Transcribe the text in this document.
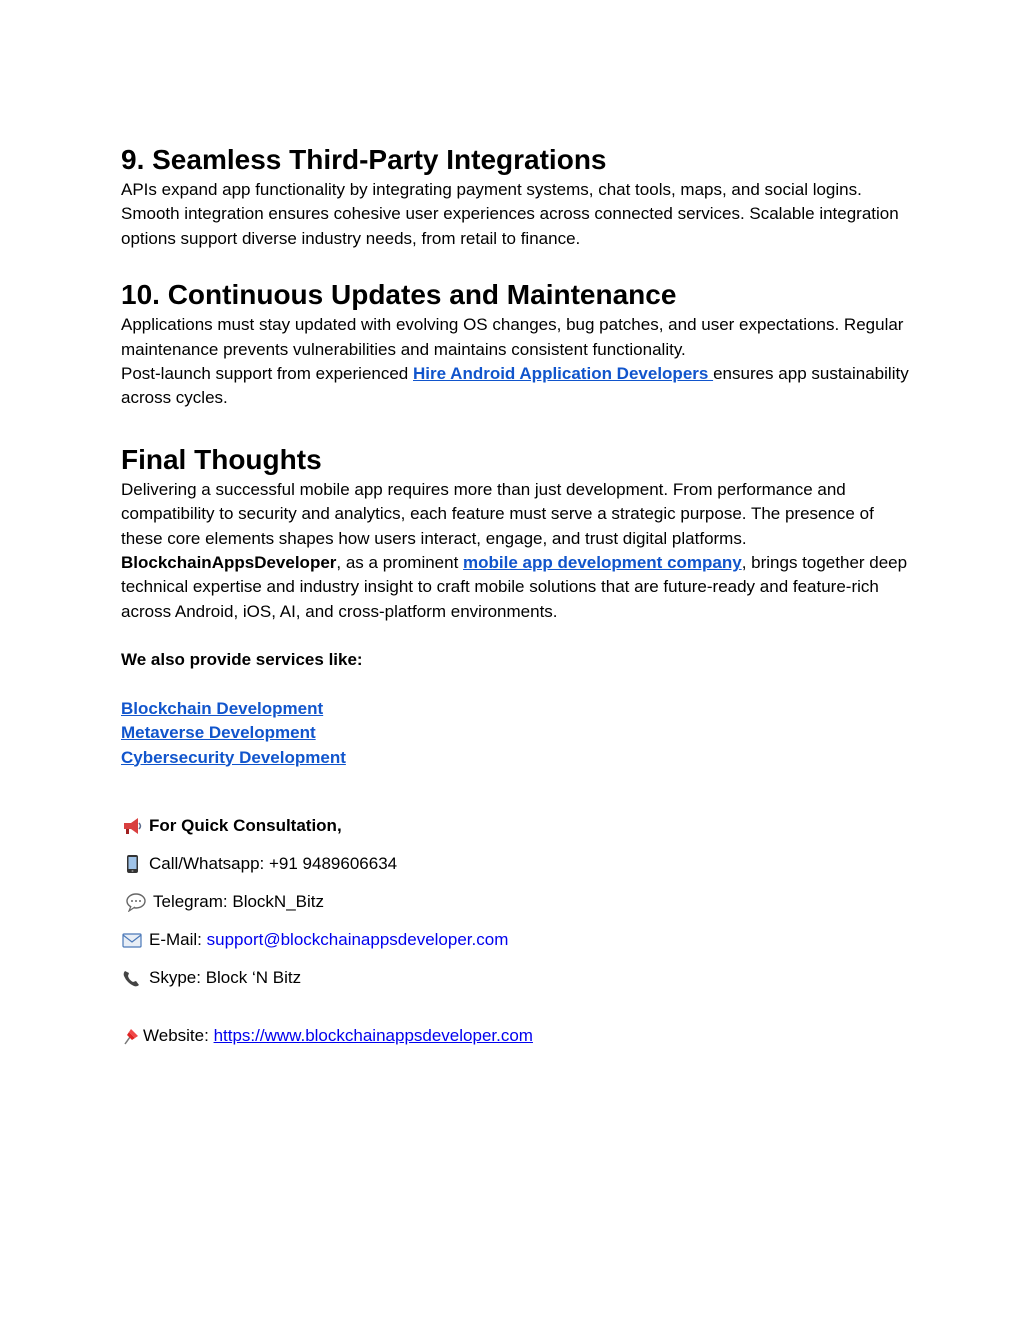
9. Seamless Third-Party Integrations

APIs expand app functionality by integrating payment systems, chat tools, maps, and social logins. Smooth integration ensures cohesive user experiences across connected services. Scalable integration options support diverse industry needs, from retail to finance.

10. Continuous Updates and Maintenance

Applications must stay updated with evolving OS changes, bug patches, and user expectations. Regular maintenance prevents vulnerabilities and maintains consistent functionality.
Post-launch support from experienced Hire Android Application Developers ensures app sustainability across cycles.

Final Thoughts

Delivering a successful mobile app requires more than just development. From performance and compatibility to security and analytics, each feature must serve a strategic purpose. The presence of these core elements shapes how users interact, engage, and trust digital platforms.
BlockchainAppsDeveloper, as a prominent mobile app development company, brings together deep technical expertise and industry insight to craft mobile solutions that are future-ready and feature-rich across Android, iOS, AI, and cross-platform environments.

We also provide services like:

Blockchain Development
Metaverse Development
Cybersecurity Development
For Quick Consultation,
Call/Whatsapp: +91 9489606634
Telegram: BlockN_Bitz
E-Mail:
support@blockchainappsdeveloper.com
Skype: Block ‘N Bitz
Website:
https://www.blockchainappsdeveloper.com
